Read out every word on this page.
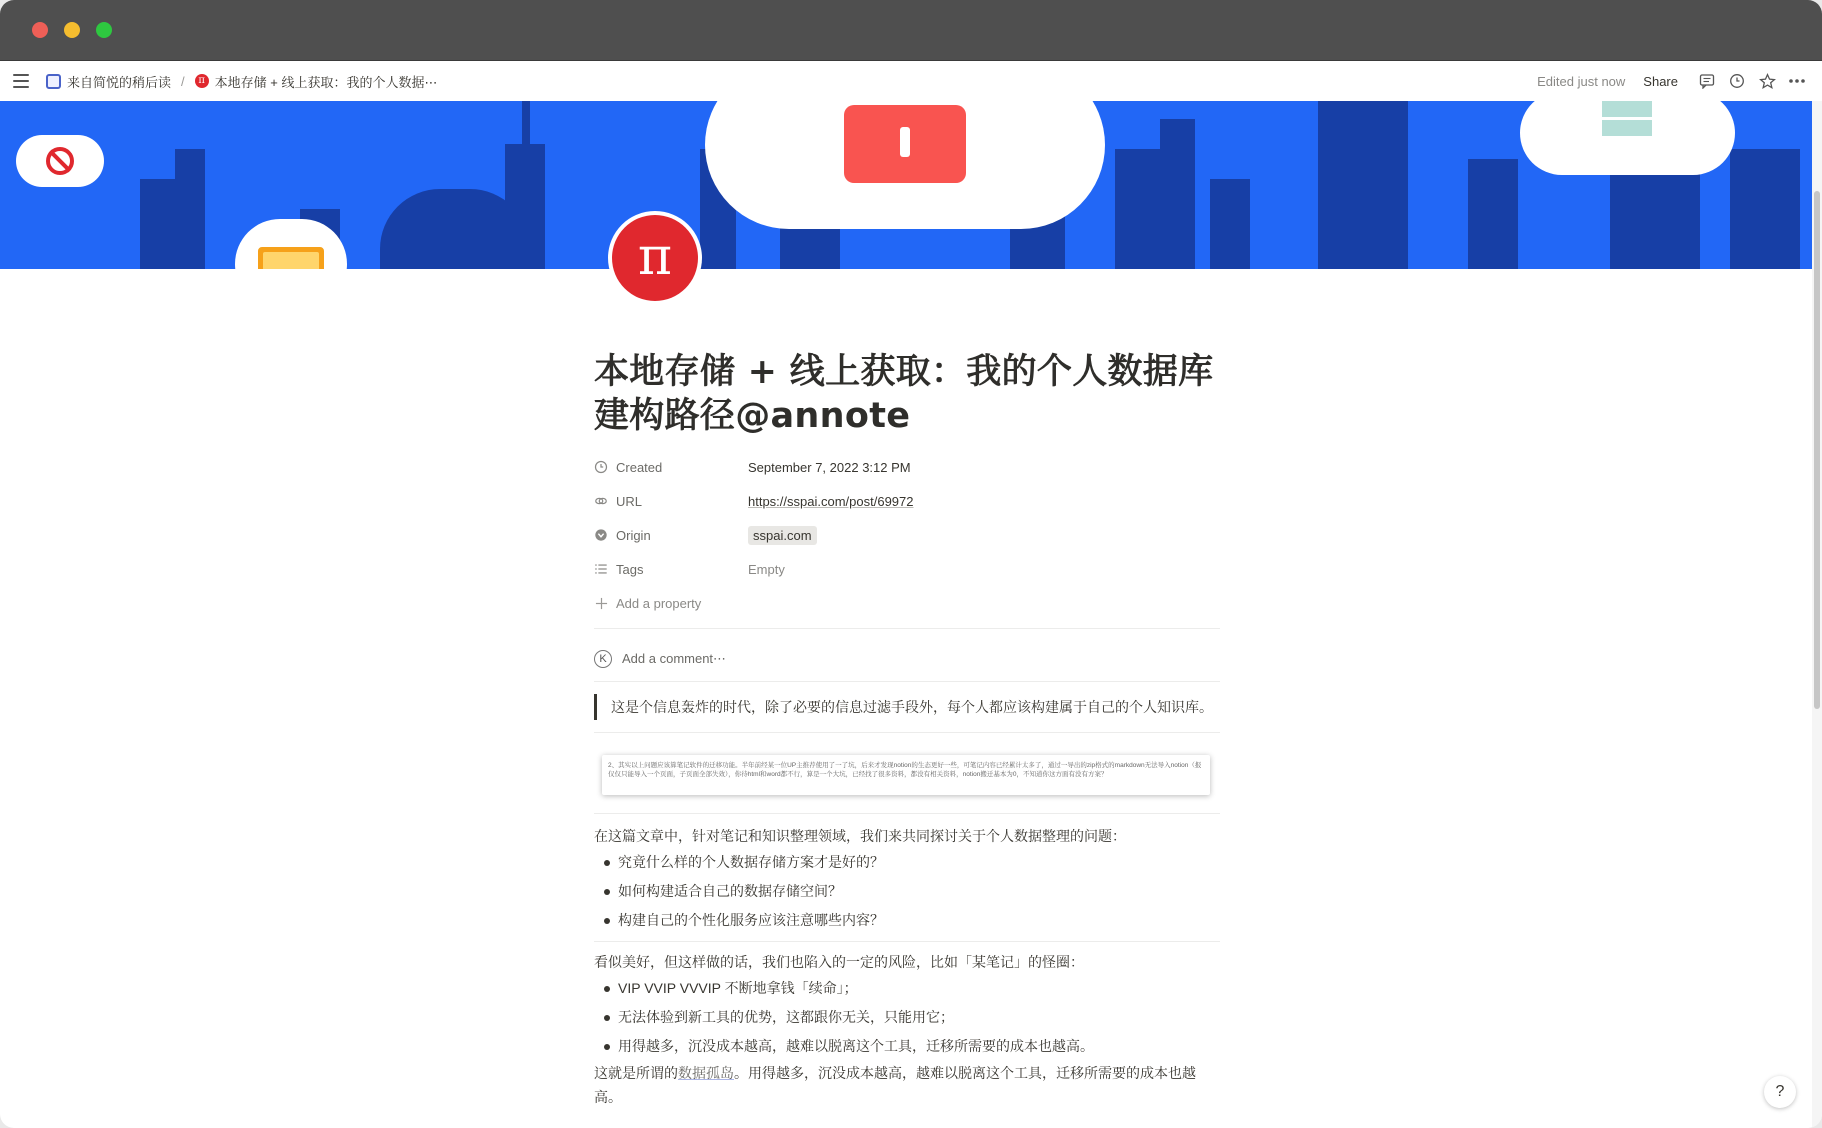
来自简悦的稍后读 /	π 本地存储 + 线上获取：我的个人数据⋯	Edited just now Share
π
本地存储 + 线上获取：我的个人数据库建构路径@annote
Created	September 7, 2022 3:12 PM
URL	https://sspai.com/post/69972
Origin	sspai.com
Tags	Empty
Add a property
K	Add a comment⋯
这是个信息轰炸的时代，除了必要的信息过滤手段外，每个人都应该构建属于自己的个人知识库。
2、其实以上问题应该算笔记软件的迁移功能。半年前经某一位UP主推荐使用了一了坑，后来才发现notion的生态更好一些，可笔记内容已经累计太多了，通过一导出的zip格式的markdown无法导入notion（报仅仅只能导入一个页面，子页面全部失效），你待html和word都不行，算是一个大坑，已经找了很多资料，都没有相关资料，notion搬迁基本为0，不知道你这方面有没有方案？

在这篇文章中，针对笔记和知识整理领域，我们来共同探讨关于个人数据整理的问题：

究竟什么样的个人数据存储方案才是好的？
如何构建适合自己的数据存储空间？
构建自己的个性化服务应该注意哪些内容？

看似美好，但这样做的话，我们也陷入的一定的风险，比如「某笔记」的怪圈：

VIP VVIP VVVIP 不断地拿钱「续命」；
无法体验到新工具的优势，这都跟你无关，只能用它；
用得越多，沉没成本越高，越难以脱离这个工具，迁移所需要的成本也越高。

这就是所谓的数据孤岛。用得越多，沉没成本越高，越难以脱离这个工具，迁移所需要的成本也越高。	?
